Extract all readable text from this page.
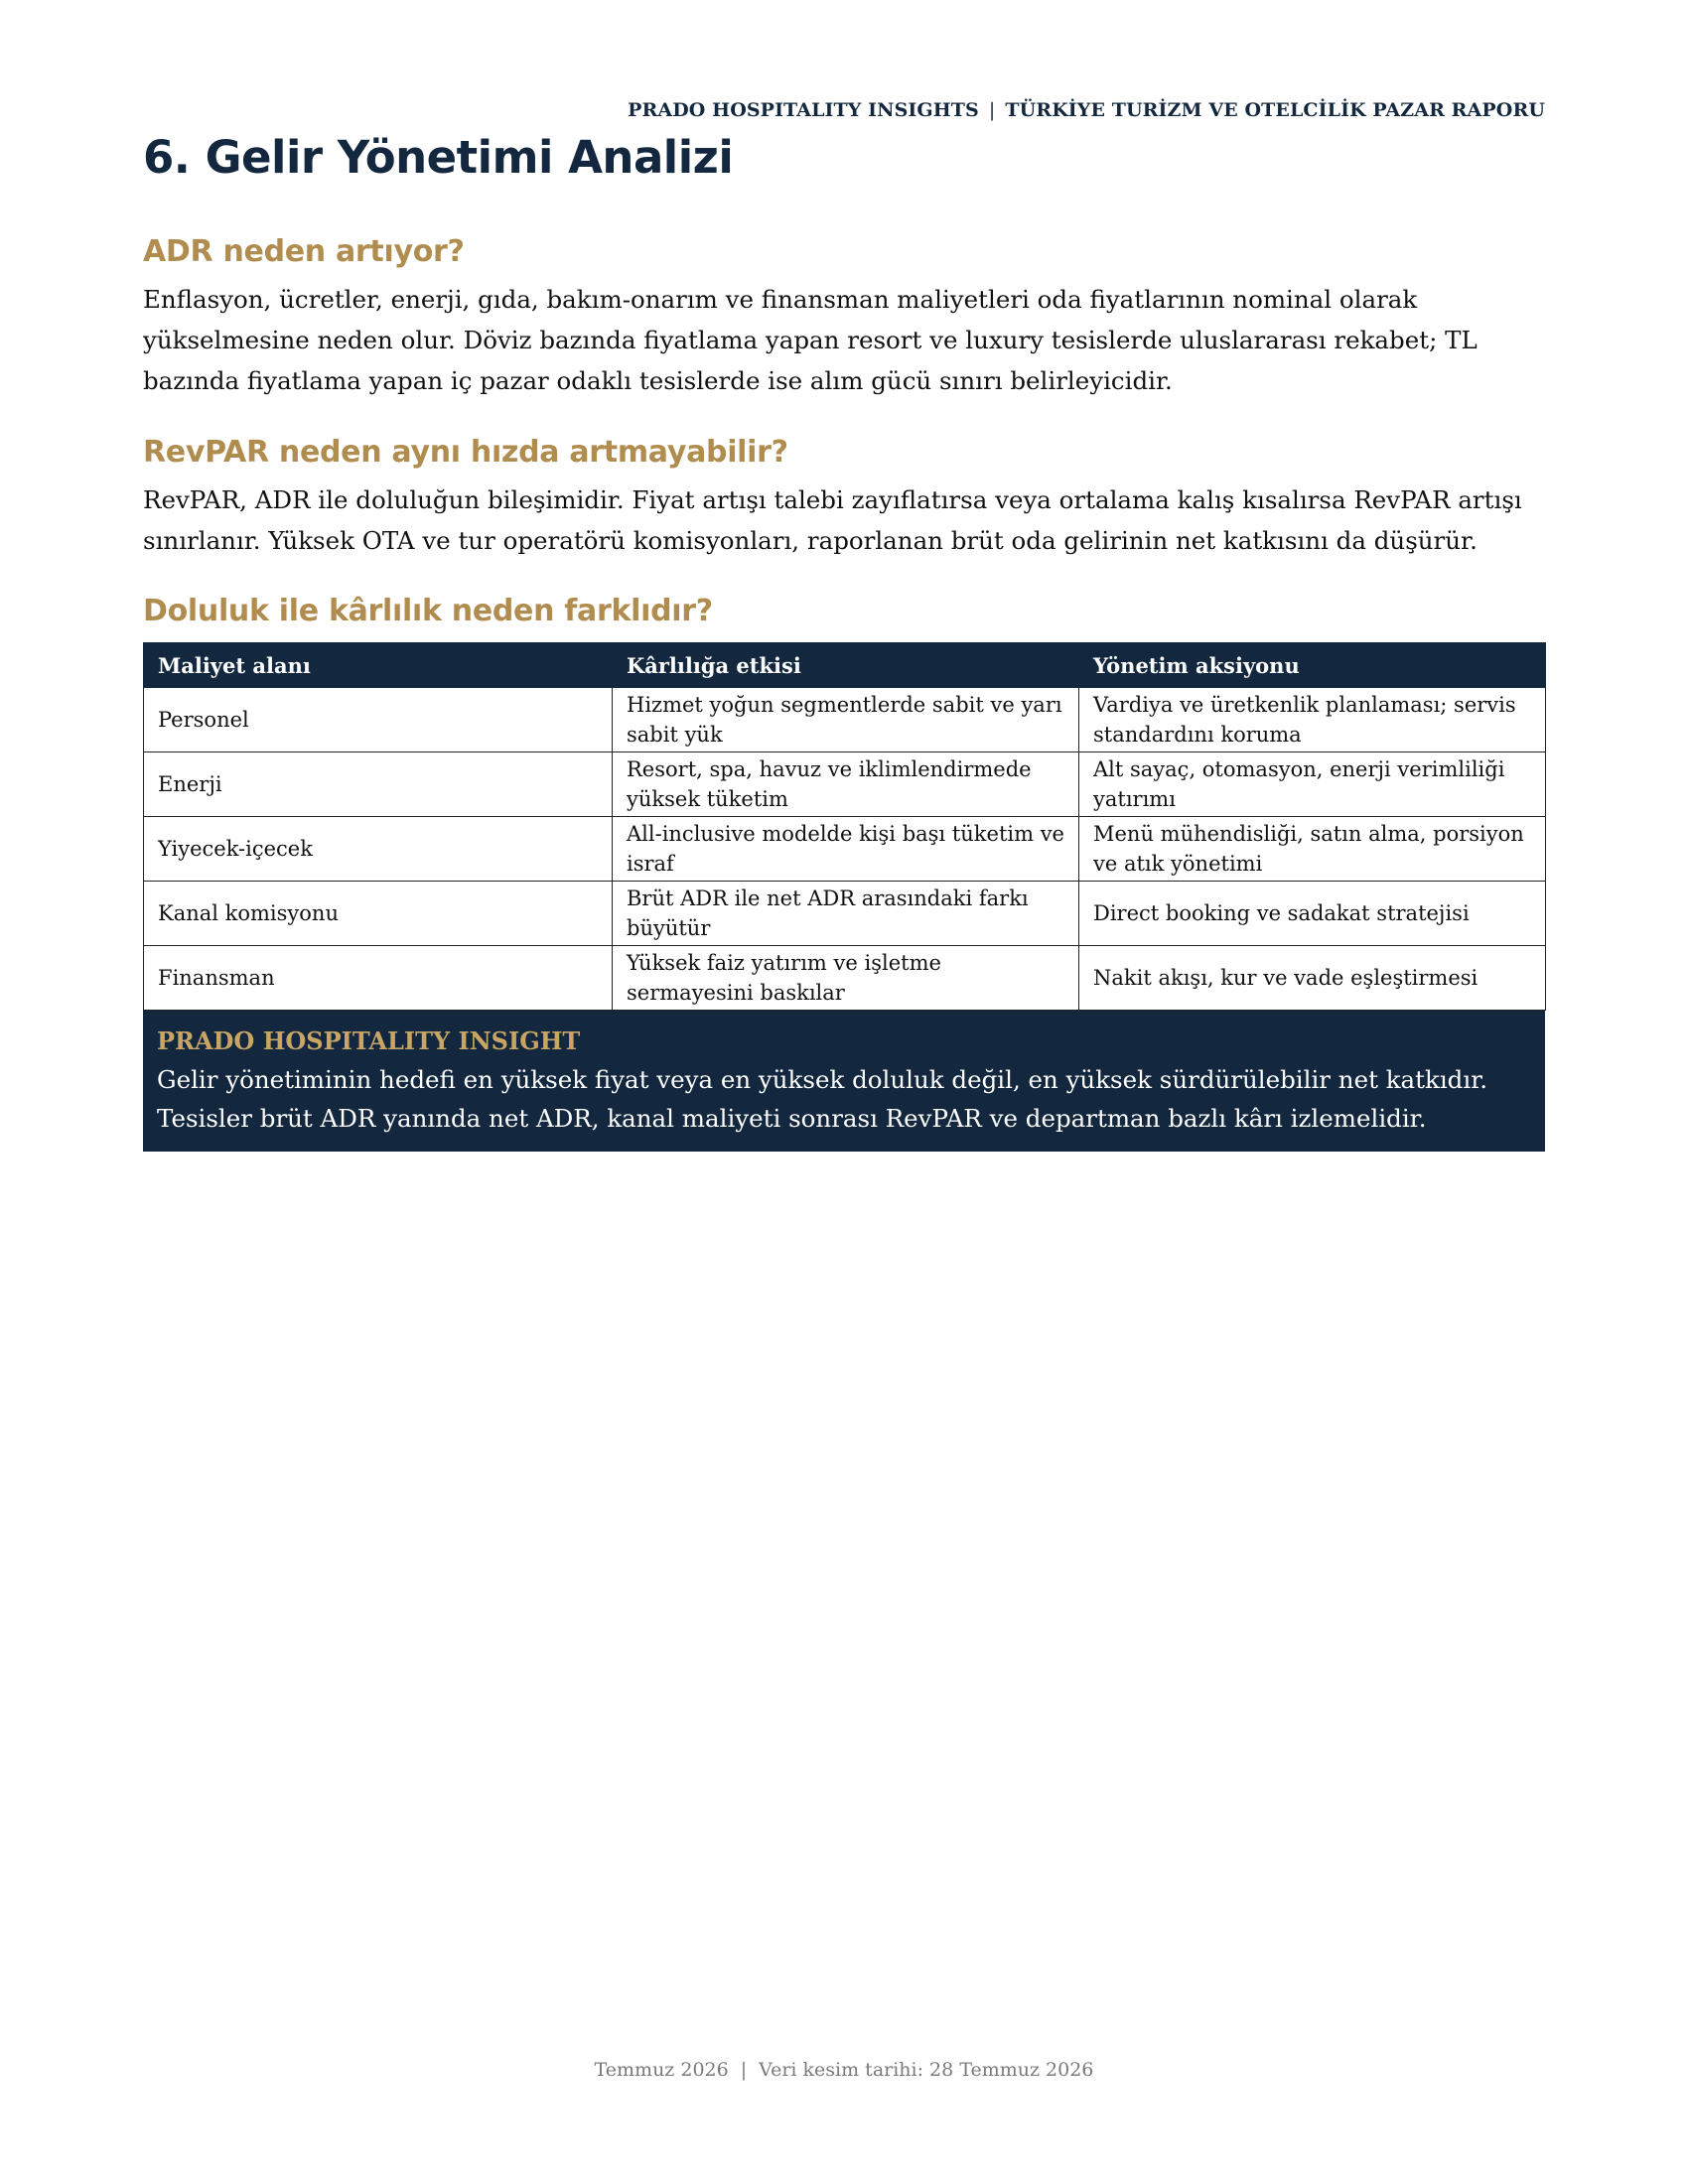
PRADO HOSPITALITY INSIGHTS | TÜRKİYE TURİZM VE OTELCİLİK PAZAR RAPORU
6. Gelir Yönetimi Analizi
ADR neden artıyor?

Enflasyon, ücretler, enerji, gıda, bakım-onarım ve finansman maliyetleri oda fiyatlarının nominal olarak yükselmesine neden olur. Döviz bazında fiyatlama yapan resort ve luxury tesislerde uluslararası rekabet; TL bazında fiyatlama yapan iç pazar odaklı tesislerde ise alım gücü sınırı belirleyicidir.

RevPAR neden aynı hızda artmayabilir?

RevPAR, ADR ile doluluğun bileşimidir. Fiyat artışı talebi zayıflatırsa veya ortalama kalış kısalırsa RevPAR artışı sınırlanır. Yüksek OTA ve tur operatörü komisyonları, raporlanan brüt oda gelirinin net katkısını da düşürür.

Doluluk ile kârlılık neden farklıdır?
Maliyet alanı	Kârlılığa etkisi	Yönetim aksiyonu
Personel	Hizmet yoğun segmentlerde sabit ve yarı sabit yük	Vardiya ve üretkenlik planlaması; servis standardını koruma
Enerji	Resort, spa, havuz ve iklimlendirmede yüksek tüketim	Alt sayaç, otomasyon, enerji verimliliği yatırımı
Yiyecek-içecek	All-inclusive modelde kişi başı tüketim ve israf	Menü mühendisliği, satın alma, porsiyon ve atık yönetimi
Kanal komisyonu	Brüt ADR ile net ADR arasındaki farkı büyütür	Direct booking ve sadakat stratejisi
Finansman	Yüksek faiz yatırım ve işletme sermayesini baskılar	Nakit akışı, kur ve vade eşleştirmesi
PRADO HOSPITALITY INSIGHT
Gelir yönetiminin hedefi en yüksek fiyat veya en yüksek doluluk değil, en yüksek sürdürülebilir net katkıdır.
Tesisler brüt ADR yanında net ADR, kanal maliyeti sonrası RevPAR ve departman bazlı kârı izlemelidir.
Temmuz 2026 | Veri kesim tarihi: 28 Temmuz 2026
